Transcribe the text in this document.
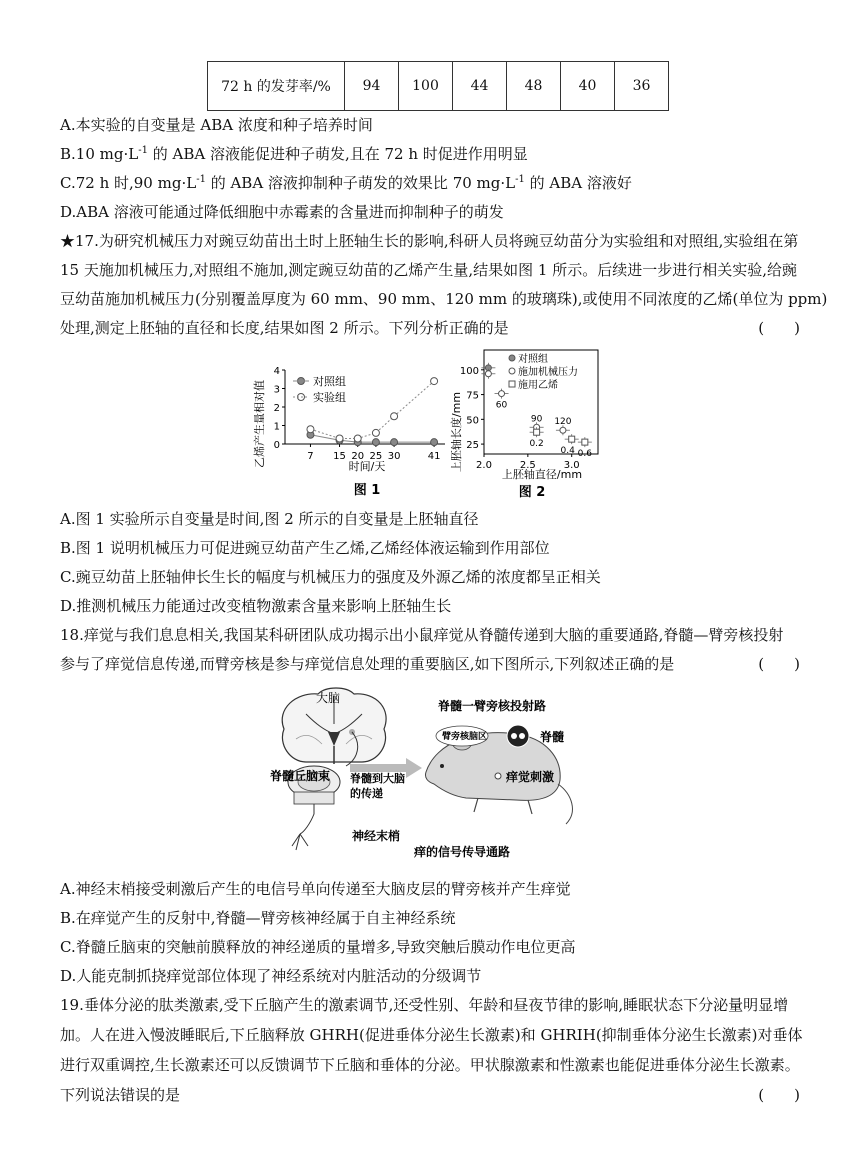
72 h 的发芽率/%	94	100	44	48	40	36
A.本实验的自变量是 ABA 浓度和种子培养时间
B.10 $mg\cdot L^{-1}$ 的 ABA 溶液能促进种子萌发,且在 72 h 时促进作用明显
C.72 h 时,90 $mg\cdot L^{-1}$ 的 ABA 溶液抑制种子萌发的效果比 70 $mg\cdot L^{-1}$ 的 ABA 溶液好
D.ABA 溶液可能通过降低细胞中赤霉素的含量进而抑制种子的萌发
★17.为研究机械压力对豌豆幼苗出土时上胚轴生长的影响,科研人员将豌豆幼苗分为实验组和对照组,实验组在第
15 天施加机械压力,对照组不施加,测定豌豆幼苗的乙烯产生量,结果如图 1 所示。后续进一步进行相关实验,给豌
豆幼苗施加机械压力(分别覆盖厚度为 60 mm、90 mm、120 mm 的玻璃珠),或使用不同浓度的乙烯(单位为 ppm)
处理,测定上胚轴的直径和长度,结果如图 2 所示。下列分析正确的是	(　　)
乙烯产生量相对值 0
1
2
3
4
7 15 20 25 30	41
对照组
实验组
时间/天
图 1
上胚轴长度/mm 25
50
75
100
2.0	2.5	3.0
60
90 120
0.2
0.4 0.6
对照组
施加机械压力
施用乙烯
上胚轴直径/mm
图 2
A.图 1 实验所示自变量是时间,图 2 所示的自变量是上胚轴直径
B.图 1 说明机械压力可促进豌豆幼苗产生乙烯,乙烯经体液运输到作用部位
C.豌豆幼苗上胚轴伸长生长的幅度与机械压力的强度及外源乙烯的浓度都呈正相关
D.推测机械压力能通过改变植物激素含量来影响上胚轴生长
18.痒觉与我们息息相关,我国某科研团队成功揭示出小鼠痒觉从脊髓传递到大脑的重要通路,脊髓—臂旁核投射
参与了痒觉信息传递,而臂旁核是参与痒觉信息处理的重要脑区,如下图所示,下列叙述正确的是	(　　)
大脑
脊髓丘脑束
神经末梢
脊髓到大脑
的传递
臂旁核脑区	脊髓
脊髓一臂旁核投射路
痒觉刺激
痒的信号传导通路
A.神经末梢接受刺激后产生的电信号单向传递至大脑皮层的臂旁核并产生痒觉
B.在痒觉产生的反射中,脊髓—臂旁核神经属于自主神经系统
C.脊髓丘脑束的突触前膜释放的神经递质的量增多,导致突触后膜动作电位更高
D.人能克制抓挠痒觉部位体现了神经系统对内脏活动的分级调节
19.垂体分泌的肽类激素,受下丘脑产生的激素调节,还受性别、年龄和昼夜节律的影响,睡眠状态下分泌量明显增
加。人在进入慢波睡眠后,下丘脑释放 GHRH(促进垂体分泌生长激素)和 GHRIH(抑制垂体分泌生长激素)对垂体
进行双重调控,生长激素还可以反馈调节下丘脑和垂体的分泌。甲状腺激素和性激素也能促进垂体分泌生长激素。
下列说法错误的是	(　　)
